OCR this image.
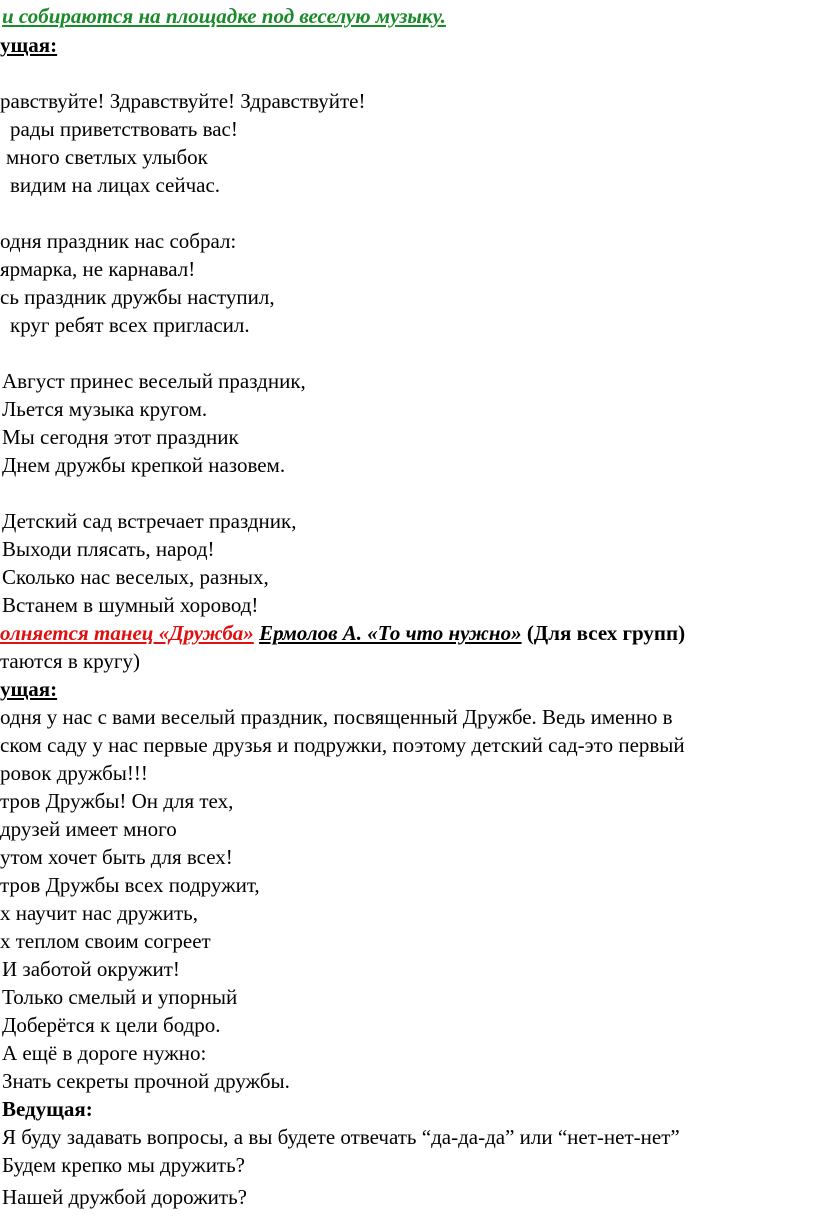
и собираются на площадке под веселую музыку.
ущая:
равствуйте! Здравствуйте! Здравствуйте!
рады приветствовать вас!
много светлых улыбок
видим на лицах сейчас.
одня праздник нас собрал:
ярмарка, не карнавал!
сь праздник дружбы наступил,
круг ребят всех пригласил.
Август принес веселый праздник,
Льется музыка кругом.
Мы сегодня этот праздник
Днем дружбы крепкой назовем.
Детский сад встречает праздник,
Выходи плясать, народ!
Сколько нас веселых, разных,
Встанем в шумный хоровод!
олняется танец «Дружба» Ермолов А. «То что нужно» (Для всех групп)
таются в кругу)
ущая:
одня у нас с вами веселый праздник, посвященный Дружбе. Ведь именно в
ском саду у нас первые друзья и подружки, поэтому детский сад-это первый
ровок дружбы!!!
тров Дружбы! Он для тех,
друзей имеет много
утом хочет быть для всех!
тров Дружбы всех подружит,
х научит нас дружить,
х теплом своим согреет
И заботой окружит!
Только смелый и упорный
Доберётся к цели бодро.
А ещё в дороге нужно:
Знать секреты прочной дружбы.
Ведущая:
Я буду задавать вопросы, а вы будете отвечать “да-да-да” или “нет-нет-нет”
Будем крепко мы дружить?
Нашей дружбой дорожить?
